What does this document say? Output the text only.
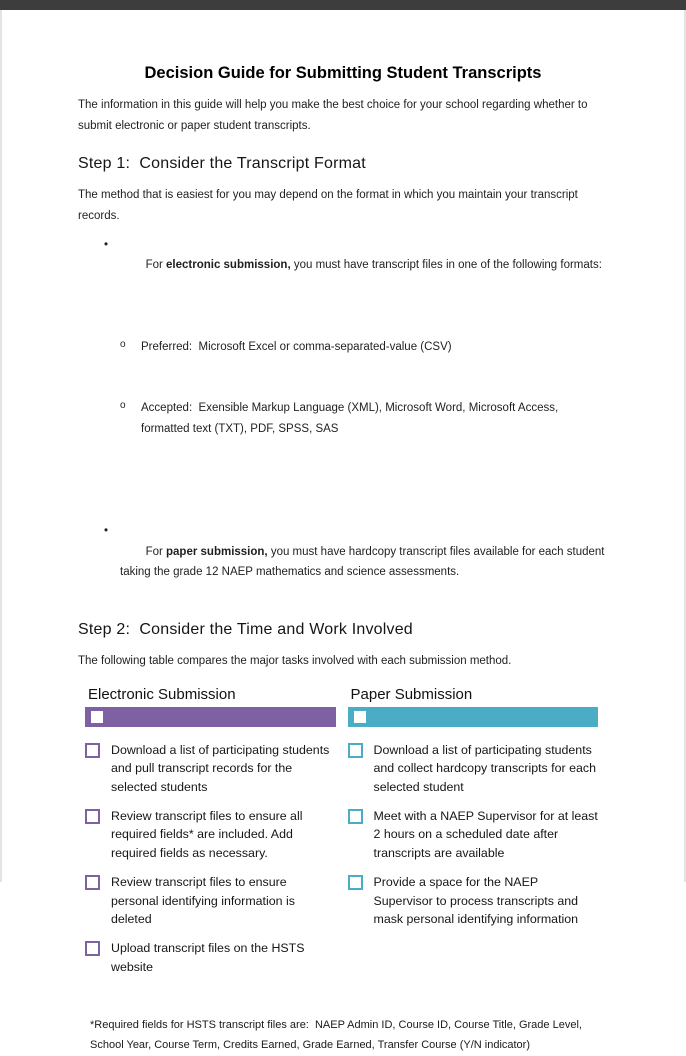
Decision Guide for Submitting Student Transcripts

The information in this guide will help you make the best choice for your school regarding whether to submit electronic or paper student transcripts.

Step 1:  Consider the Transcript Format

The method that is easiest for you may depend on the format in which you maintain your transcript records.

• For electronic submission, you must have transcript files in one of the following formats:

o Preferred:  Microsoft Excel or comma-separated-value (CSV)

o Accepted:  Exensible Markup Language (XML), Microsoft Word, Microsoft Access, formatted text (TXT), PDF, SPSS, SAS

• For paper submission, you must have hardcopy transcript files available for each student taking the grade 12 NAEP mathematics and science assessments.

Step 2:  Consider the Time and Work Involved

The following table compares the major tasks involved with each submission method.

Electronic Submission
Download a list of participating students and pull transcript records for the selected students
Review transcript files to ensure all required fields* are included. Add required fields as necessary.
Review transcript files to ensure personal identifying information is deleted
Upload transcript files on the HSTS website
Paper Submission
Download a list of participating students and collect hardcopy transcripts for each selected student
Meet with a NAEP Supervisor for at least 2 hours on a scheduled date after transcripts are available
Provide a space for the NAEP Supervisor to process transcripts and mask personal identifying information

*Required fields for HSTS transcript files are:  NAEP Admin ID, Course ID, Course Title, Grade Level, School Year, Course Term, Credits Earned, Grade Earned, Transfer Course (Y/N indicator)
